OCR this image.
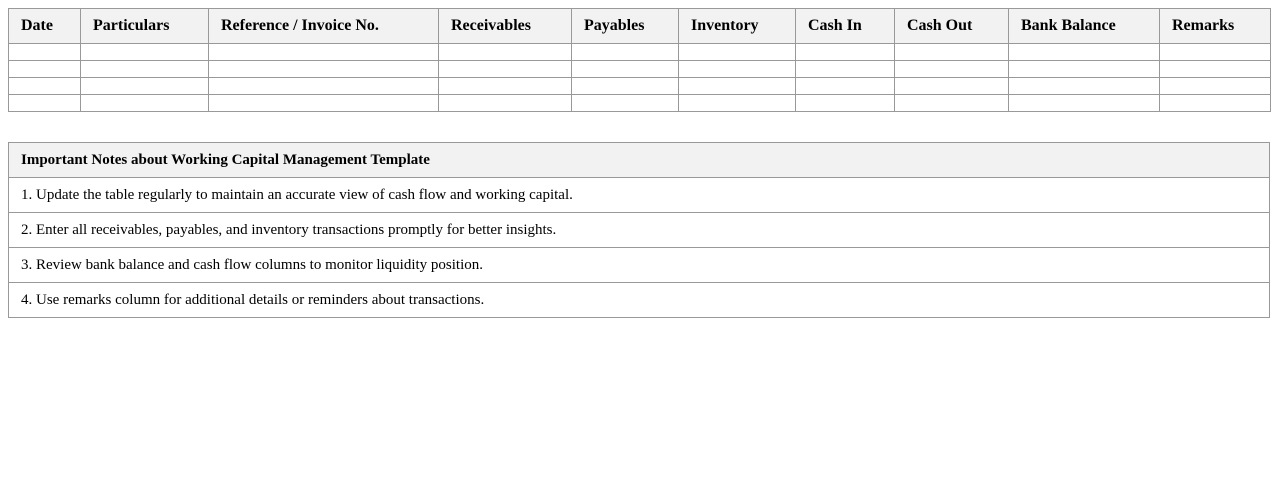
Date	Particulars	Reference / Invoice No.	Receivables	Payables	Inventory	Cash In	Cash Out	Bank Balance	Remarks

Important Notes about Working Capital Management Template
1. Update the table regularly to maintain an accurate view of cash flow and working capital.
2. Enter all receivables, payables, and inventory transactions promptly for better insights.
3. Review bank balance and cash flow columns to monitor liquidity position.
4. Use remarks column for additional details or reminders about transactions.
